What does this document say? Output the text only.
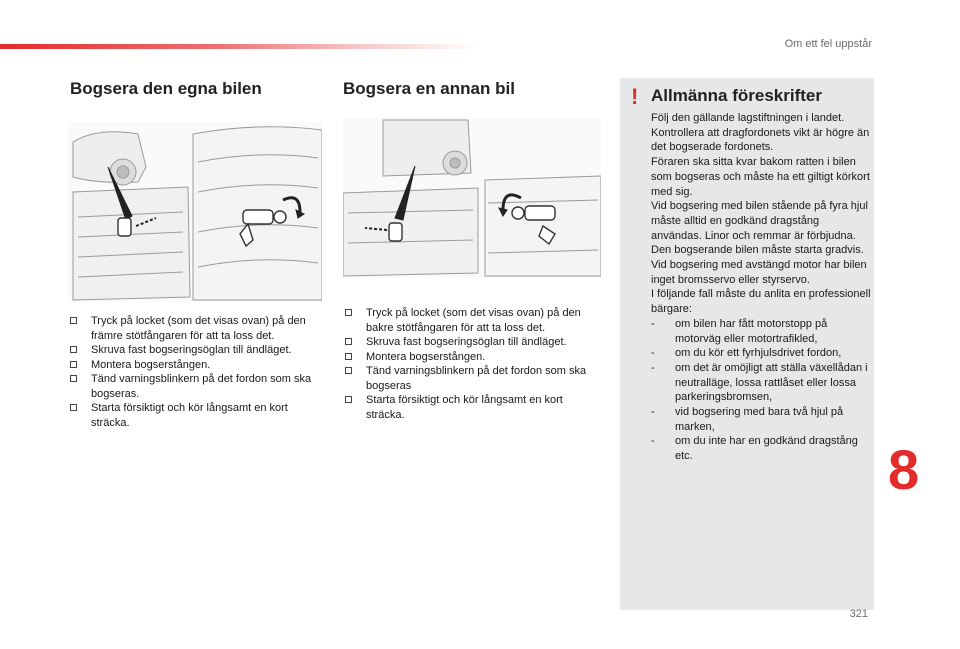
Om ett fel uppstår
Bogsera den egna bilen	Bogsera en annan bil
Tryck på locket (som det visas ovan) på den främre stötfångaren för att ta loss det.
Skruva fast bogseringsöglan till ändläget.
Montera bogserstången.
Tänd varningsblinkern på det fordon som ska bogseras.
Starta försiktigt och kör långsamt en kort sträcka.
Tryck på locket (som det visas ovan) på den bakre stötfångaren för att ta loss det.
Skruva fast bogseringsöglan till ändläget.
Montera bogserstången.
Tänd varningsblinkern på det fordon som ska bogseras
Starta försiktigt och kör långsamt en kort sträcka.
! Allmänna föreskrifter

Följ den gällande lagstiftningen i landet.

Kontrollera att dragfordonets vikt är högre än det bogserade fordonets.

Föraren ska sitta kvar bakom ratten i bilen som bogseras och måste ha ett giltigt körkort med sig.

Vid bogsering med bilen stående på fyra hjul måste alltid en godkänd dragstång användas. Linor och remmar är förbjudna.

Den bogserande bilen måste starta gradvis.

Vid bogsering med avstängd motor har bilen inget bromsservo eller styrservo.

I följande fall måste du anlita en professionell bärgare:

- om bilen har fått motorstopp på motorväg eller motortrafikled,
- om du kör ett fyrhjulsdrivet fordon,
- om det är omöjligt att ställa växellådan i neutralläge, lossa rattlåset eller lossa parkeringsbromsen,
- vid bogsering med bara två hjul på marken,
- om du inte har en godkänd dragstång etc.	8
321
